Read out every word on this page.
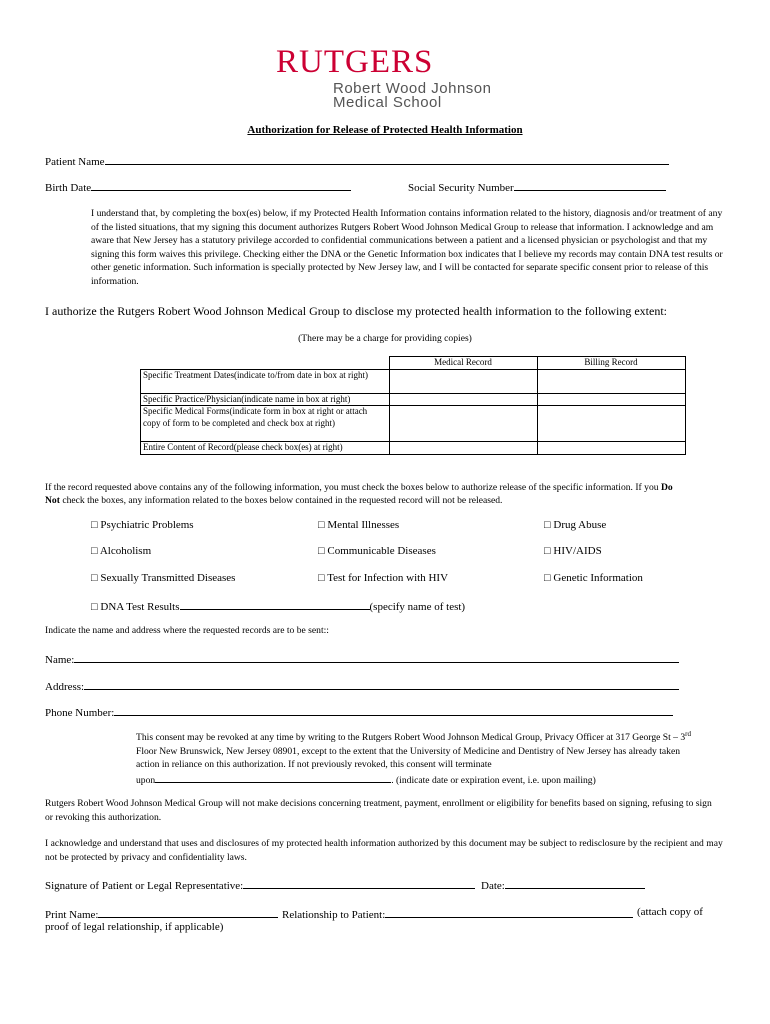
RUTGERS
Robert Wood Johnson
Medical School
Authorization for Release of Protected Health Information
Patient Name
Birth Date	Social Security Number
I understand that, by completing the box(es) below, if my Protected Health Information contains information related to the history, diagnosis and/or treatment of any of the listed situations, that my signing this document authorizes Rutgers Robert Wood Johnson Medical Group to release that information. I acknowledge and am aware that New Jersey has a statutory privilege accorded to confidential communications between a patient and a licensed physician or psychologist and that my signing this form waives this privilege. Checking either the DNA or the Genetic Information box indicates that I believe my records may contain DNA test results or other genetic information. Such information is specially protected by New Jersey law, and I will be contacted for separate specific consent prior to release of this information.
I authorize the Rutgers Robert Wood Johnson Medical Group to disclose my protected health information to the following extent:
(There may be a charge for providing copies)
	Medical Record	Billing Record
Specific Treatment Dates(indicate to/from date in box at right)		
Specific Practice/Physician(indicate name in box at right)		
Specific Medical Forms(indicate form in box at right or attach copy of form to be completed and check box at right)		
Entire Content of Record(please check box(es) at right)		
If the record requested above contains any of the following information, you must check the boxes below to authorize release of the specific information. If you Do
Not check the boxes, any information related to the boxes below contained in the requested record will not be released.
□ Psychiatric Problems	□ Mental Illnesses	□ Drug Abuse
□ Alcoholism	□ Communicable Diseases	□ HIV/AIDS
□ Sexually Transmitted Diseases	□ Test for Infection with HIV	□ Genetic Information
□ DNA Test Results	(specify name of test)
Indicate the name and address where the requested records are to be sent::
Name:
Address:
Phone Number:
This consent may be revoked at any time by writing to the Rutgers Robert Wood Johnson Medical Group, Privacy Officer at 317 George St – 3rd
Floor New Brunswick, New Jersey 08901, except to the extent that the University of Medicine and Dentistry of New Jersey has already taken
action in reliance on this authorization. If not previously revoked, this consent will terminate
upon	. (indicate date or expiration event, i.e. upon mailing)
Rutgers Robert Wood Johnson Medical Group will not make decisions concerning treatment, payment, enrollment or eligibility for benefits based on signing, refusing to sign or revoking this authorization.
I acknowledge and understand that uses and disclosures of my protected health information authorized by this document may be subject to redisclosure by the recipient and may not be protected by privacy and confidentiality laws.
Signature of Patient or Legal Representative:	Date:
Print Name:	Relationship to Patient:	(attach copy of
proof of legal relationship, if applicable)
